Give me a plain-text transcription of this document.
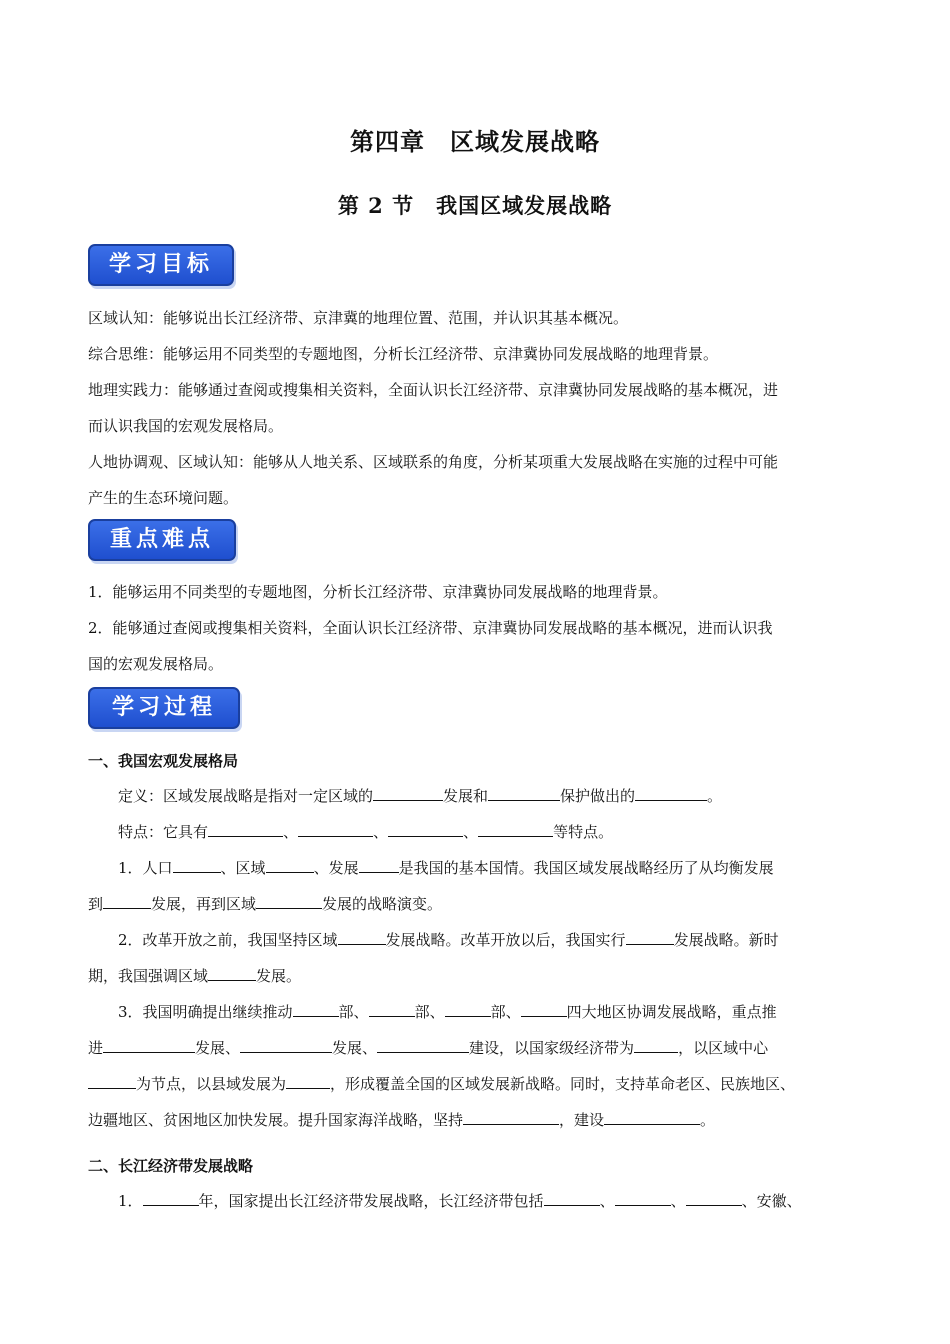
第四章　区域发展战略
第 2 节　我国区域发展战略
学习目标
区域认知：能够说出长江经济带、京津冀的地理位置、范围，并认识其基本概况。
综合思维：能够运用不同类型的专题地图，分析长江经济带、京津冀协同发展战略的地理背景。
地理实践力：能够通过查阅或搜集相关资料，全面认识长江经济带、京津冀协同发展战略的基本概况，进
而认识我国的宏观发展格局。
人地协调观、区域认知：能够从人地关系、区域联系的角度，分析某项重大发展战略在实施的过程中可能
产生的生态环境问题。
重点难点
1．能够运用不同类型的专题地图，分析长江经济带、京津冀协同发展战略的地理背景。
2．能够通过查阅或搜集相关资料，全面认识长江经济带、京津冀协同发展战略的基本概况，进而认识我
国的宏观发展格局。
学习过程
一、我国宏观发展格局
定义：区域发展战略是指对一定区域的	发展和	保护做出的	。
特点：它具有	、	、	、	等特点。
1．人口	、区域	、发展	是我国的基本国情。我国区域发展战略经历了从均衡发展
到	发展，再到区域	发展的战略演变。
2．改革开放之前，我国坚持区域	发展战略。改革开放以后，我国实行	发展战略。新时
期，我国强调区域	发展。
3．我国明确提出继续推动	部、	部、	部、	四大地区协调发展战略，重点推
进	发展、	发展、	建设，以国家级经济带为	，以区域中心
为节点，以县域发展为	，形成覆盖全国的区域发展新战略。同时，支持革命老区、民族地区、
边疆地区、贫困地区加快发展。提升国家海洋战略，坚持	，建设	。
二、长江经济带发展战略
1．	年，国家提出长江经济带发展战略，长江经济带包括	、	、	、安徽、
